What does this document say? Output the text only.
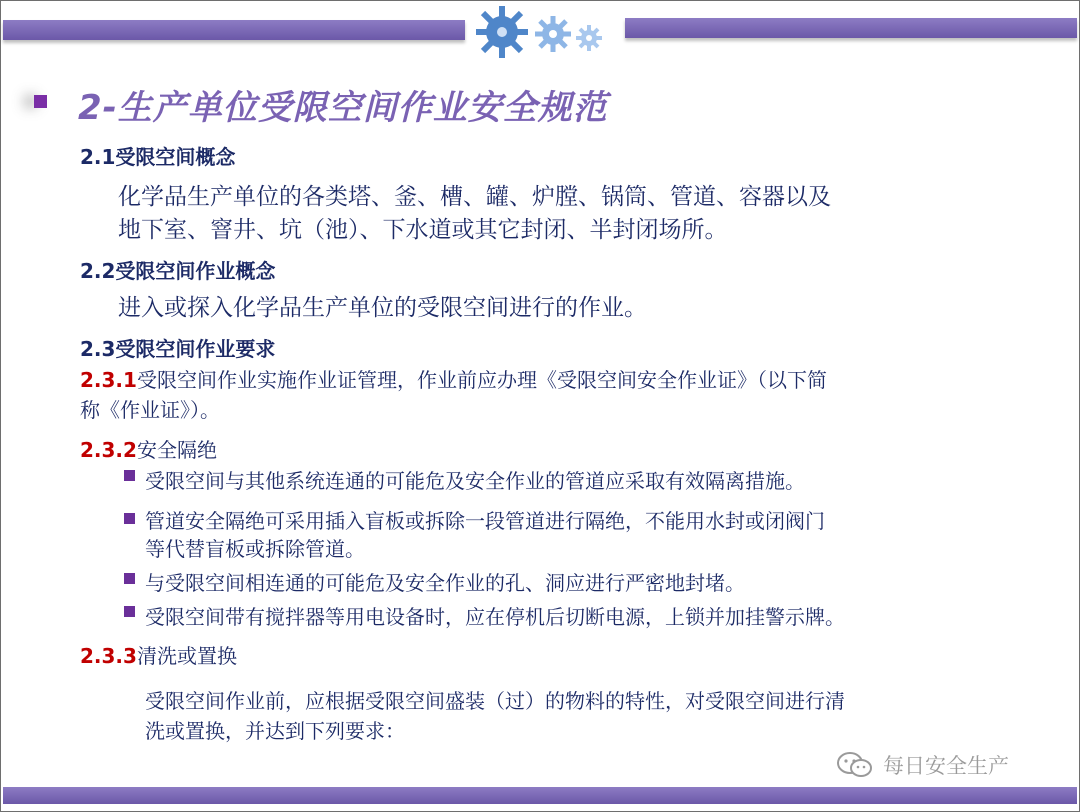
2-生产单位受限空间作业安全规范
2.1受限空间概念
化学品生产单位的各类塔、釜、槽、罐、炉膛、锅筒、管道、容器以及
地下室、窨井、坑（池）、下水道或其它封闭、半封闭场所。
2.2受限空间作业概念
进入或探入化学品生产单位的受限空间进行的作业。
2.3受限空间作业要求
2.3.1受限空间作业实施作业证管理，作业前应办理《受限空间安全作业证》（以下简
称《作业证》）。
2.3.2安全隔绝
受限空间与其他系统连通的可能危及安全作业的管道应采取有效隔离措施。
管道安全隔绝可采用插入盲板或拆除一段管道进行隔绝，不能用水封或闭阀门
等代替盲板或拆除管道。
与受限空间相连通的可能危及安全作业的孔、洞应进行严密地封堵。
受限空间带有搅拌器等用电设备时，应在停机后切断电源，上锁并加挂警示牌。
2.3.3清洗或置换
受限空间作业前，应根据受限空间盛装（过）的物料的特性，对受限空间进行清
洗或置换，并达到下列要求：
每日安全生产
